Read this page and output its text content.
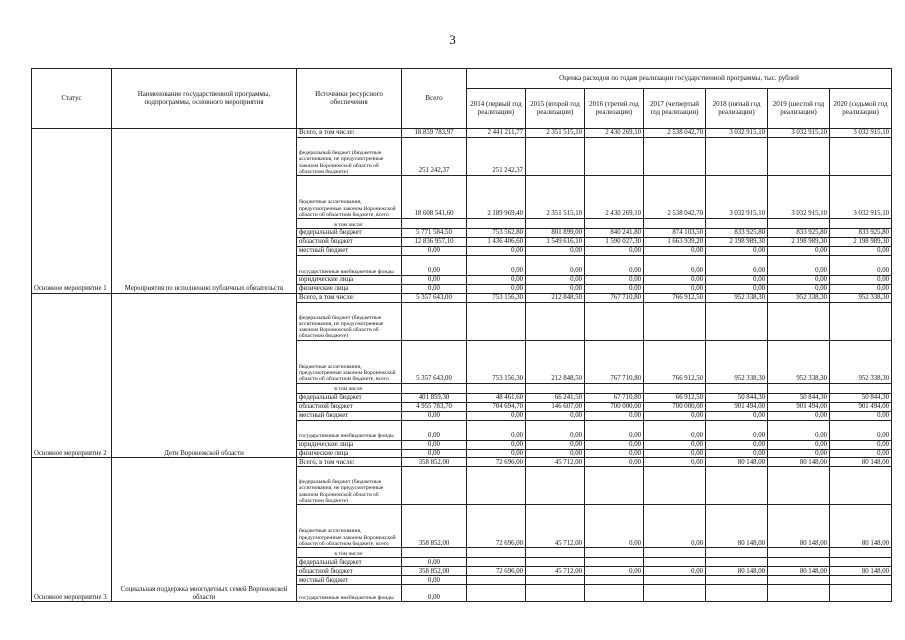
3
Статус	Наименование государственной программы, подпрограммы, основного мероприятия	Источники ресурсного обеспечения	Всего	Оценка расходов по годам реализации государственной программы, тыс. рублей						
				2014 (первый год реализации)	2015 (второй год реализации)	2016 (третий год реализации)	2017 (четвертый год реализации)	2018 (пятый год реализации)	2019 (шестой год реализации)	2020 (седьмой год реализации)
Основное мероприятие 1	Мероприятия по исполнению публичных обязательств	Всего, в том числе:	18 859 783,97	2 441 211,77	2 351 515,10	2 430 269,10	2 538 042,70	3 032 915,10	3 032 915,10	3 032 915,10
		федеральный бюджет (бюджетные ассигнования, не предусмотренные законом Воронежской области об областном бюджете)	251 242,37	251 242,37						
		бюджетные ассигнования, предусмотренные законом Воронежской области об областном бюджете, всего	18 608 541,60	2 189 969,40	2 351 515,10	2 430 269,10	2 538 042,70	3 032 915,10	3 032 915,10	3 032 915,10
		в том числе:								
		федеральный бюджет	5 771 584,50	753 562,80	801 899,00	840 241,80	874 103,50	833 925,80	833 925,80	833 925,80
		областной бюджет	12 836 957,10	1 436 406,60	1 549 616,10	1 590 027,30	1 663 939,20	2 198 989,30	2 198 989,30	2 198 989,30
		местный бюджет	0,00	0,00	0,00	0,00	0,00	0,00	0,00	0,00
		государственные внебюджетные фонды	0,00	0,00	0,00	0,00	0,00	0,00	0,00	0,00
		юридические лица	0,00	0,00	0,00	0,00	0,00	0,00	0,00	0,00
		физические лица	0,00	0,00	0,00	0,00	0,00	0,00	0,00	0,00
Основное мероприятие 2	Дети Воронежской области	Всего, в том числе:	5 357 643,00	753 156,30	212 848,50	767 710,80	766 912,50	952 338,30	952 338,30	952 338,30
		федеральный бюджет (бюджетные ассигнования, не предусмотренные законом Воронежской области об областном бюджете)								
		бюджетные ассигнования, предусмотренные законом Воронежской области об областном бюджете, всего	5 357 643,00	753 156,30	212 848,50	767 710,80	766 912,50	952 338,30	952 338,30	952 338,30
		в том числе:								
		федеральный бюджет	401 859,30	48 461,60	66 241,50	67 710,80	66 912,50	50 844,30	50 844,30	50 844,30
		областной бюджет	4 955 783,70	704 694,70	146 607,00	700 000,00	700 000,00	901 494,00	901 494,00	901 494,00
		местный бюджет	0,00	0,00	0,00	0,00	0,00	0,00	0,00	0,00
		государственные внебюджетные фонды	0,00	0,00	0,00	0,00	0,00	0,00	0,00	0,00
		юридические лица	0,00	0,00	0,00	0,00	0,00	0,00	0,00	0,00
		физические лица	0,00	0,00	0,00	0,00	0,00	0,00	0,00	0,00
Основное мероприятие 3	Социальная поддержка многодетных семей Воронежской области	Всего, в том числе:	358 852,00	72 696,00	45 712,00	0,00	0,00	80 148,00	80 148,00	80 148,00
		федеральный бюджет (бюджетные ассигнования, не предусмотренные законом Воронежской области об областном бюджете)								
		бюджетные ассигнования, предусмотренные законом Воронежской области об областном бюджете, всего	358 852,00	72 696,00	45 712,00	0,00	0,00	80 148,00	80 148,00	80 148,00
		в том числе:								
		федеральный бюджет	0,00							
		областной бюджет	358 852,00	72 696,00	45 712,00	0,00	0,00	80 148,00	80 148,00	80 148,00
		местный бюджет	0,00							
		государственные внебюджетные фонды	0,00							
